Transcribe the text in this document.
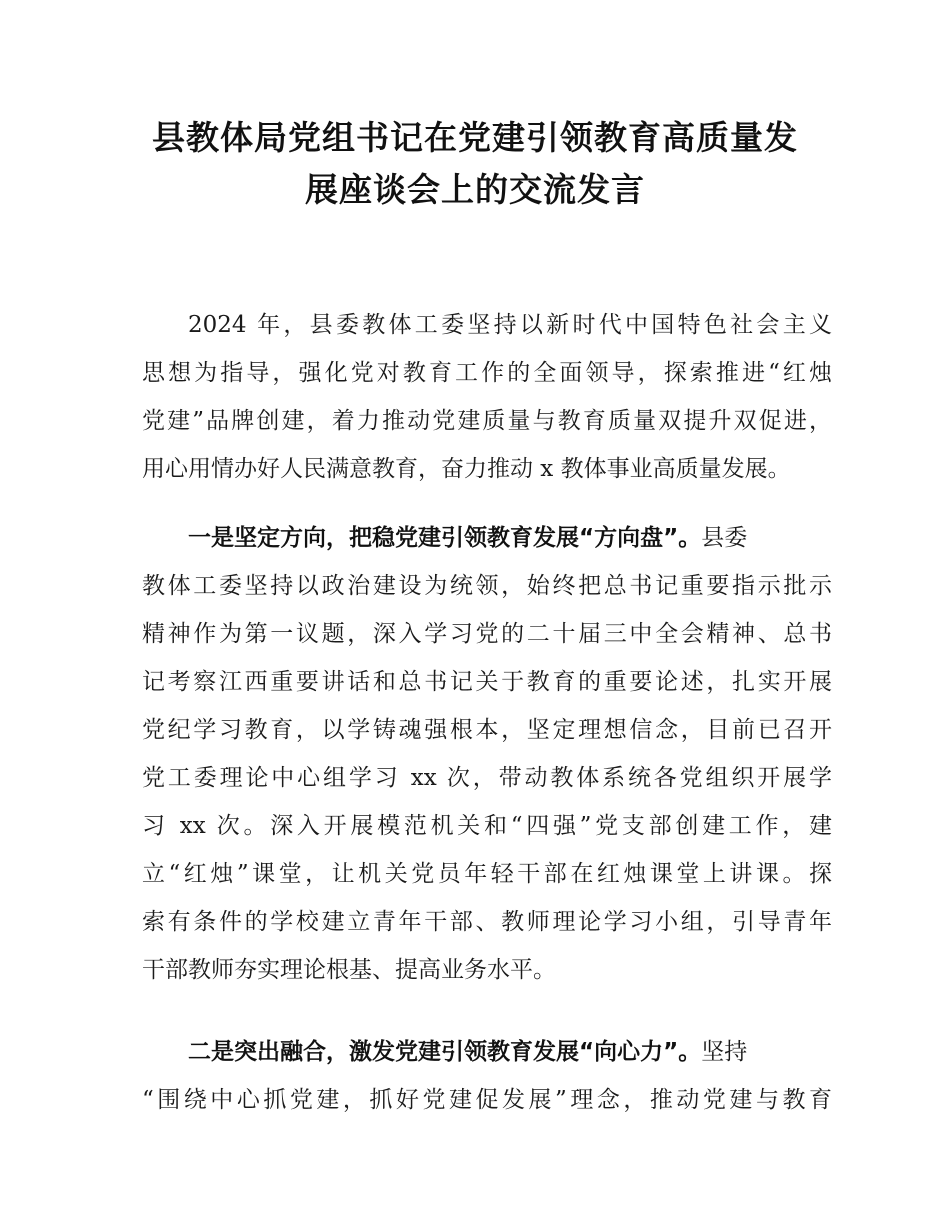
县教体局党组书记在党建引领教育高质量发
展座谈会上的交流发言
2024 年，县委教体工委坚持以新时代中国特色社会主义
思想为指导，强化党对教育工作的全面领导，探索推进“红烛
党建”品牌创建，着力推动党建质量与教育质量双提升双促进，
用心用情办好人民满意教育，奋力推动 x 教体事业高质量发展。
一是坚定方向，把稳党建引领教育发展“方向盘”。县委
教体工委坚持以政治建设为统领，始终把总书记重要指示批示
精神作为第一议题，深入学习党的二十届三中全会精神、总书
记考察江西重要讲话和总书记关于教育的重要论述，扎实开展
党纪学习教育，以学铸魂强根本，坚定理想信念，目前已召开
党工委理论中心组学习 xx 次，带动教体系统各党组织开展学
习 xx 次。深入开展模范机关和“四强”党支部创建工作，建
立“红烛”课堂，让机关党员年轻干部在红烛课堂上讲课。探
索有条件的学校建立青年干部、教师理论学习小组，引导青年
干部教师夯实理论根基、提高业务水平。
二是突出融合，激发党建引领教育发展“向心力”。坚持
“围绕中心抓党建，抓好党建促发展”理念，推动党建与教育
